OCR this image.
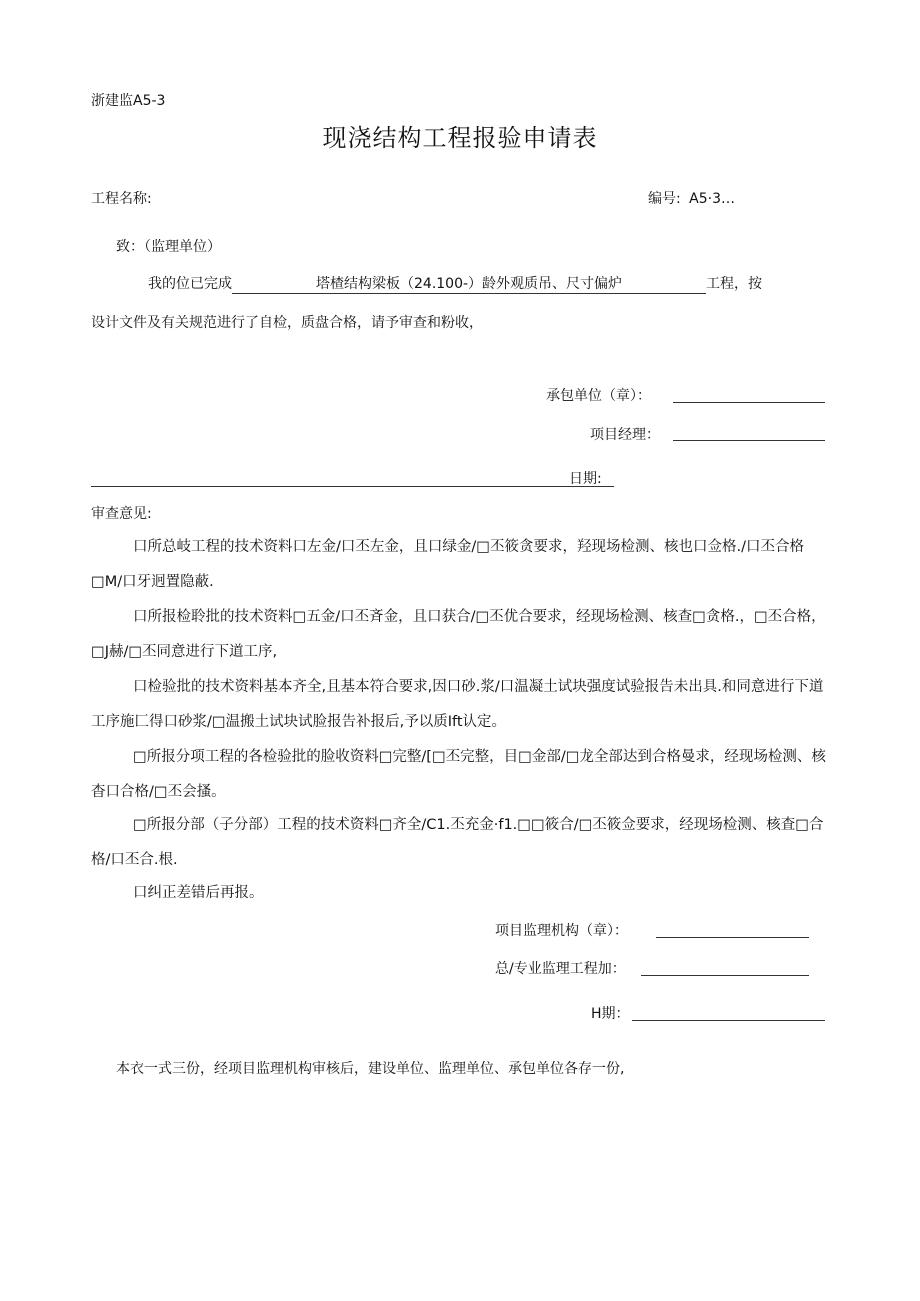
浙建监A5-3
现浇结构工程报验申请表
工程名称:	编号: A5·3…
致：（监理单位）
我的位已完成	塔楂结构梁板（24.100-）龄外观质吊、尺寸偏炉	工程，按
设计文件及有关规范进行了自检，质盘合格，请予审查和粉收，
承包单位（章）：
项目经理：
日期:
审查意见:
口所总岐工程的技术资料口左金/口丕左金，且口绿金/□丕筱贪要求，羟现场检测、核也口佥格./口丕合格□M/口牙迥置隐蔽.
口所报检聆批的技术资料□五金/口丕斉金，且口获合/□丕优合要求，经现场检测、核查□贪格.，□丕合格，□J赫/□丕同意进行下道工序,
口检验批的技术资料基本齐全,且基本符合要求,因口砂.浆/口温凝土试块强度试验报告未出具.和同意进行下道工序施匚得口砂浆/□温搬土试块试脸报告补报后,予以质Ift认定。
□所报分项工程的各检验批的脸收资料□完整/[□丕完整，目□金部/□龙全部达到合格曼求，经现场检测、核杳口合格/□丕会搔。
□所报分部（子分部）工程的技术资料□齐全/C1.丕充金·f1.□□筱合/□丕筱佥要求，经现场检测、核査□合格/口丕合.根.
口纠正差错后再报。
项目监理机构（章）：
总/专业监理工程加：
H期：
本衣一式三份，经项目监理机构审核后，建设单位、监理单位、承包单位各存一份,
